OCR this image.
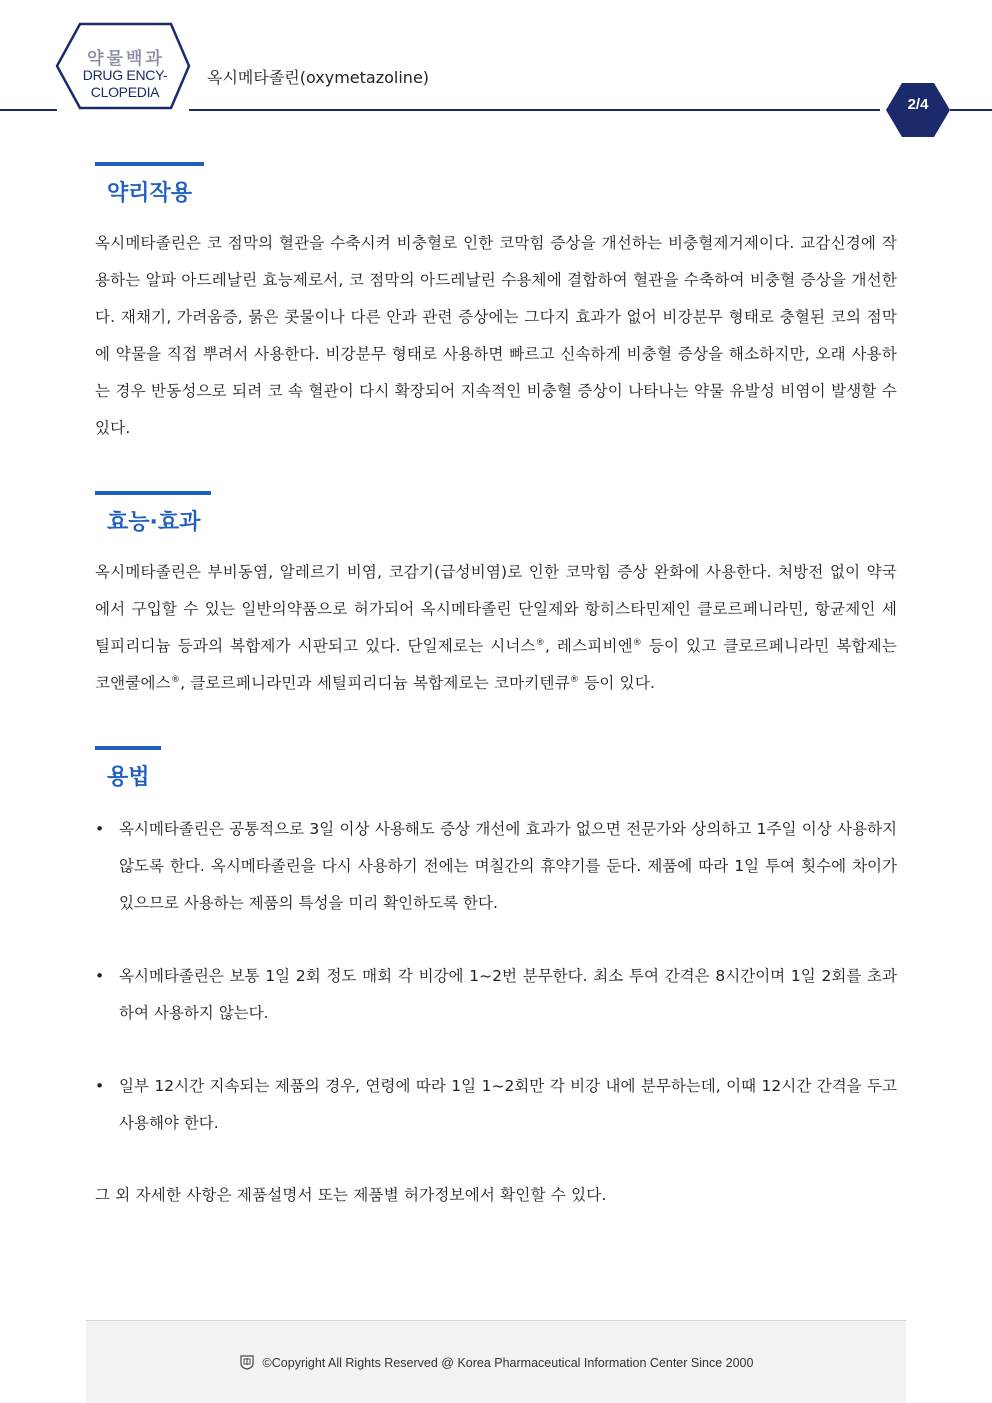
약물백과
DRUG ENCY-
CLOPEDIA
옥시메타졸린(oxymetazoline)
2/4
약리작용

옥시메타졸린은 코 점막의 혈관을 수축시켜 비충혈로 인한 코막힘 증상을 개선하는 비충혈제거제이다. 교감신경에 작용하는 알파 아드레날린 효능제로서, 코 점막의 아드레날린 수용체에 결합하여 혈관을 수축하여 비충혈 증상을 개선한다. 재채기, 가려움증, 묽은 콧물이나 다른 안과 관련 증상에는 그다지 효과가 없어 비강분무 형태로 충혈된 코의 점막에 약물을 직접 뿌려서 사용한다. 비강분무 형태로 사용하면 빠르고 신속하게 비충혈 증상을 해소하지만, 오래 사용하는 경우 반동성으로 되려 코 속 혈관이 다시 확장되어 지속적인 비충혈 증상이 나타나는 약물 유발성 비염이 발생할 수 있다.

효능·효과

옥시메타졸린은 부비동염, 알레르기 비염, 코감기(급성비염)로 인한 코막힘 증상 완화에 사용한다. 처방전 없이 약국에서 구입할 수 있는 일반의약품으로 허가되어 옥시메타졸린 단일제와 항히스타민제인 클로르페니라민, 항균제인 세틸피리디늄 등과의 복합제가 시판되고 있다. 단일제로는 시너스®, 레스피비엔® 등이 있고 클로르페니라민 복합제는 코앤쿨에스®, 클로르페니라민과 세틸피리디늄 복합제로는 코마키텐큐® 등이 있다.

용법
• 옥시메타졸린은 공통적으로 3일 이상 사용해도 증상 개선에 효과가 없으면 전문가와 상의하고 1주일 이상 사용하지 않도록 한다. 옥시메타졸린을 다시 사용하기 전에는 며칠간의 휴약기를 둔다. 제품에 따라 1일 투여 횟수에 차이가 있으므로 사용하는 제품의 특성을 미리 확인하도록 한다.
• 옥시메타졸린은 보통 1일 2회 정도 매회 각 비강에 1~2번 분무한다. 최소 투여 간격은 8시간이며 1일 2회를 초과하여 사용하지 않는다.
• 일부 12시간 지속되는 제품의 경우, 연령에 따라 1일 1~2회만 각 비강 내에 분무하는데, 이때 12시간 간격을 두고 사용해야 한다.

그 외 자세한 사항은 제품설명서 또는 제품별 허가정보에서 확인할 수 있다.

©Copyright All Rights Reserved @ Korea Pharmaceutical Information Center Since 2000
